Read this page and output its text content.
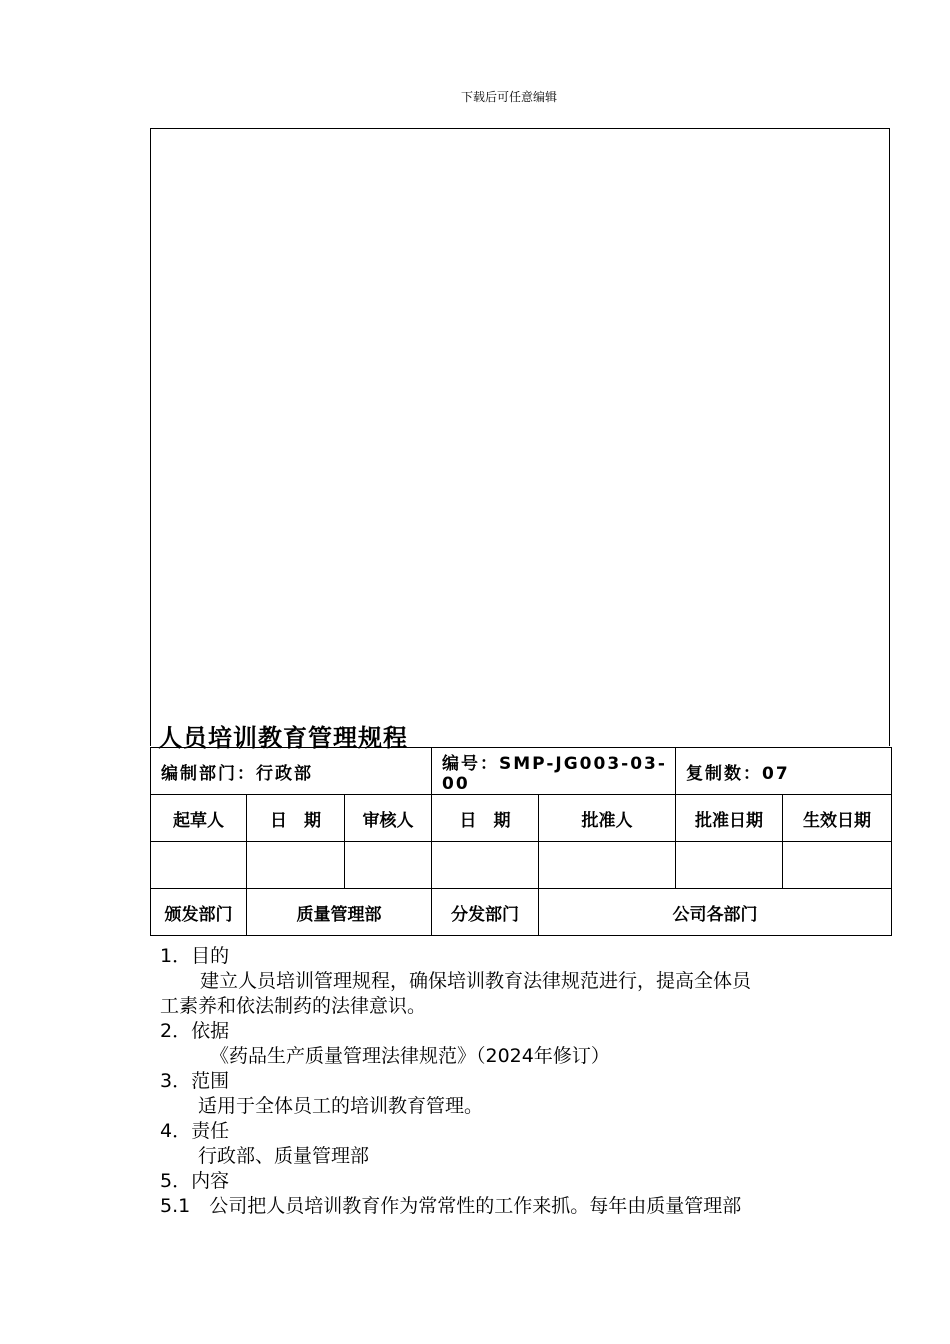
下载后可任意编辑
人员培训教育管理规程
编制部门：行政部			编号：SMP-JG003-03-00		复制数：07	
起草人	日　期	审核人	日　期	批准人	批准日期	生效日期

颁发部门	质量管理部		分发部门	公司各部门		
1．目的
建立人员培训管理规程，确保培训教育法律规范进行，提高全体员
工素养和依法制药的法律意识。
2．依据
《药品生产质量管理法律规范》（2024年修订）
3．范围
适用于全体员工的培训教育管理。
4．责任
行政部、质量管理部
5．内容
5.1　公司把人员培训教育作为常常性的工作来抓。每年由质量管理部
